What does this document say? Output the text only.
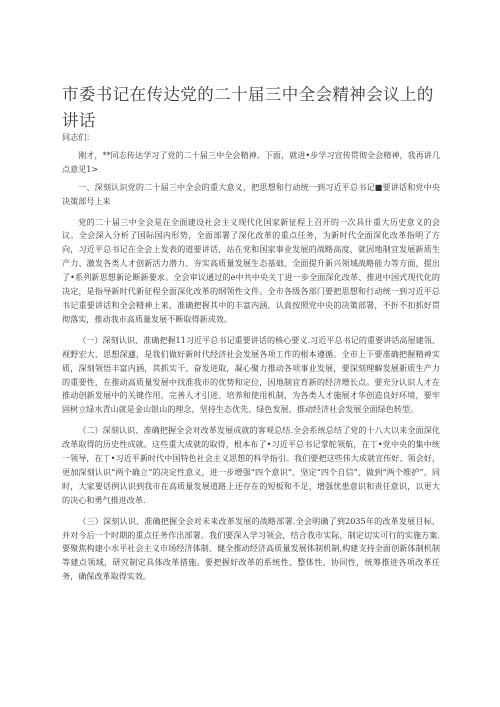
市委书记在传达党的二十届三中全会精神会议上的讲话

同志们：

刚才，**同志传达学习了党的二十届三中全会精神。下面，就进•步学习宣传贯彻全会精神，我再讲几点意见1>

一、深刻认识党的二十届三中全会的重大意义，把思想和行动统一到习近平总书记■要讲话和党中央决策部号上来

党的二十届三中全会是在全面建设社会主义现代化国家新征程上召开的一次具什重大历史意义的会议。全会深入分析了国际国内形势，全面部署了深化改革的重点任务，为新时代全面深化改革指明了方向，习近平总书记在全会上发表的道要讲话，站在党和国家事业发展的战略高度，就因地制宜发展新质生产力、激发各类人才创新活力潜力、夯实高质量发展生态基础、全面提升新兴领域战略能力等方面，提出了•系列新思想新论断新要求。全会审议通过的e中共中央关丁进一步全面深化改革、推进中国式现代化的决定，是指导新时代新征程全面深化改革的纲领性文件。全市各级各部门要把思想和行动统一到习近平总书记重要讲话和全会精神上来，准确把握其中的丰富内涵，认真按照党中央的决策部署，不折不扣抓好贯彻落实，推动我市高质量发展不断取得新成效。

（一）深刻认识、准确把握11习近平总书记重要讲话的核心要义.习近平总书记的重要讲话高屋建瓴、视野宏大、思想深遽，是我们做好新时代经济社会发展各项工作的根本遵循。全市上下要准确把握精神实质，深刻领悟丰富内涵，其抓实干、奋发进取，凝心聚力推动各项事业发展，要深刻理解发展新质生产力的重要性，在推动高质量发展中找准我市的优势和定位，因地制宜育新的经济增长点。要充分认识人才在推动创新发展中的关键作用，完善人才引进、培养和使用机制，为各类人才施展才华创造良好环境，要牢固树立绿水青山就是金山银山的理念，坚持生态优先、绿色发展，推动经济社会发展全面绿色转型。

（二）深刻认识、准确把握全会对改革发展成就的客观总结.全会系统总结了党的十八大以来全面深化改革取得的历史性成就。这些重大成就的取得，根本布了•习近平总书记掌舵领航，在丁•党中央的集中统一领导，在丁•习近平新时代中国特色社会主义思想的科学指引。我们要把这些伟大成就宣传好、领会好，更加深刻认识“两个确立”的决定性意义，进一步增强“四个意识”、坚定“四个自信”、做到“两个维护”。同时，大家要话例认识到我市在高质量发展道路上还存在的短板和不足，增强忧患意识和责任意识，以更大的决心和勇气推进改革.

（三）深刻认识、准确把握全会对未来改革发展的战略部署.全会明确了到2035年的改革发展目标，并对今后一个时期的重点任务作出部署。我们要深入学习领会，结合我市实际，制定切实可行的实施方案.要聚焦构建小水平社会主义市场经济体制、健全推动经济高质量发展体制机制,构建支持全面创新体制机制等建点领域，研究制定具体改革措施。要把握好改革的系统性、整体性、协同性，统筹推进各项改革任务，确保改革取得实效。
